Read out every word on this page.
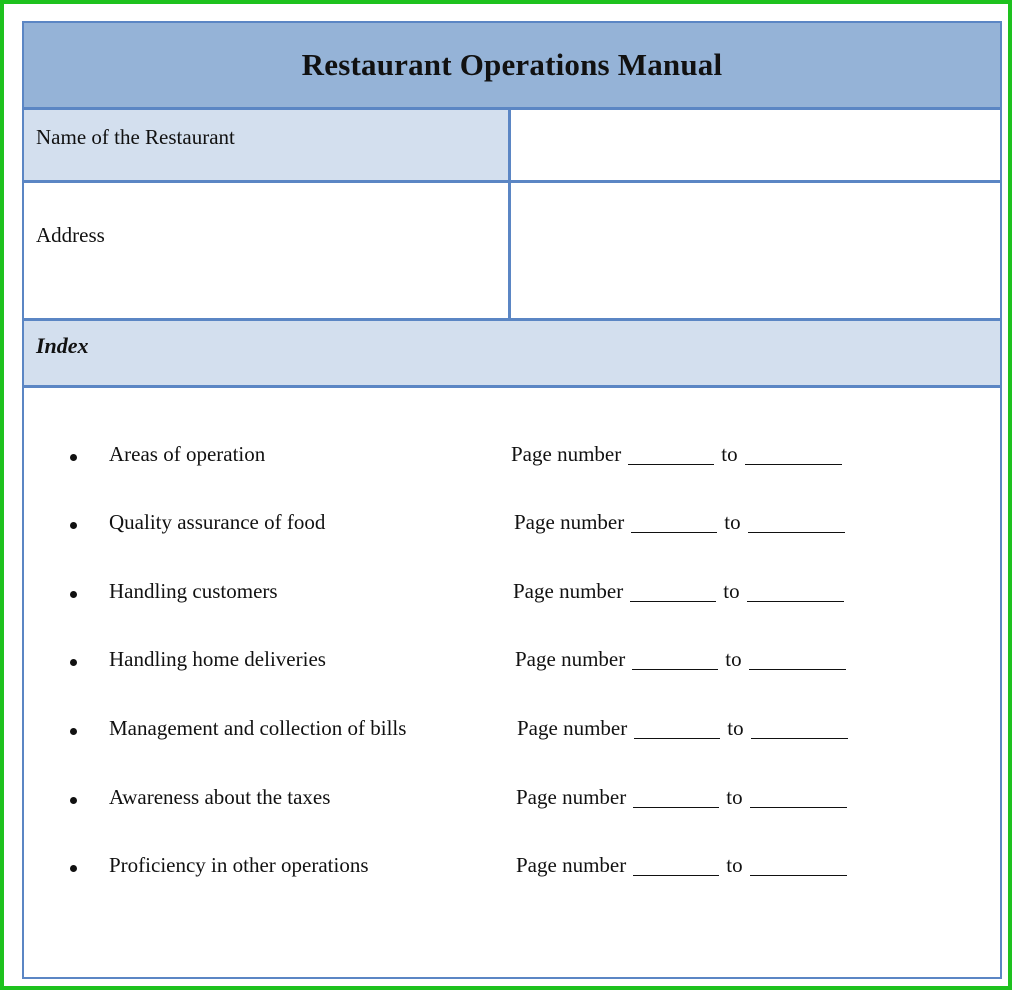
Restaurant Operations Manual
Name of the Restaurant
Address
Index
Areas of operation	Page number	to
Quality assurance of food	Page number	to
Handling customers	Page number	to
Handling home deliveries	Page number	to
Management and collection of bills	Page number	to
Awareness about the taxes	Page number	to
Proficiency in other operations	Page number	to
